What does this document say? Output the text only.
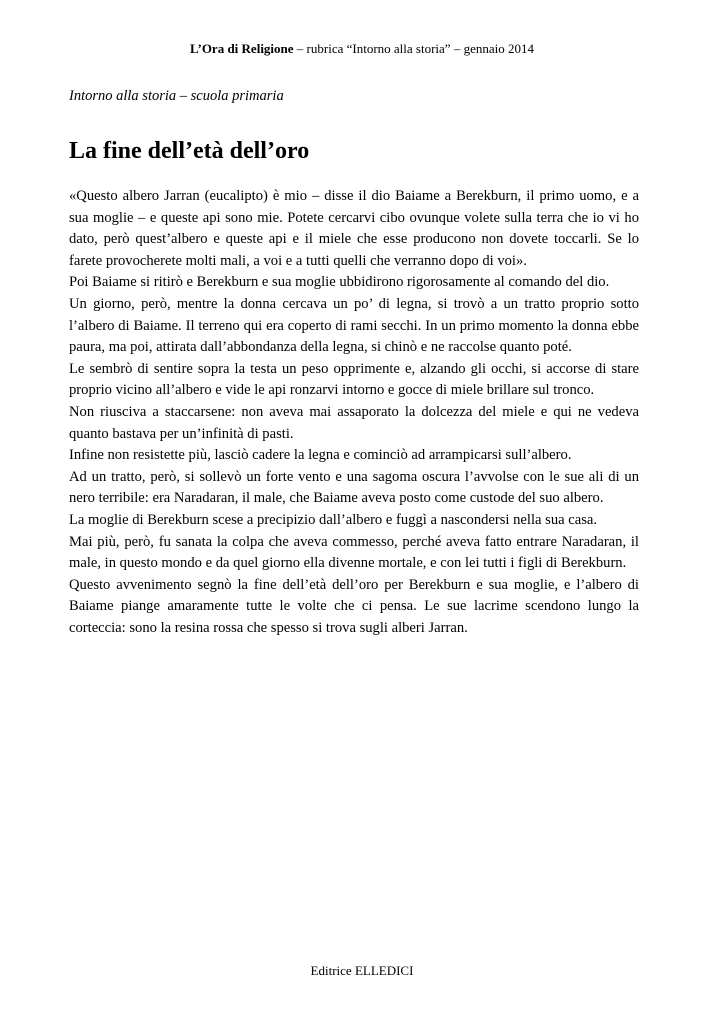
L’Ora di Religione – rubrica “Intorno alla storia” – gennaio 2014
Intorno alla storia – scuola primaria
La fine dell’età dell’oro

«Questo albero Jarran (eucalipto) è mio – disse il dio Baiame a Berekburn, il primo uomo, e a sua moglie – e queste api sono mie. Potete cercarvi cibo ovunque volete sulla terra che io vi ho dato, però quest’albero e queste api e il miele che esse producono non dovete toccarli. Se lo farete provocherete molti mali, a voi e a tutti quelli che verranno dopo di voi».

Poi Baiame si ritirò e Berekburn e sua moglie ubbidirono rigorosamente al comando del dio.

Un giorno, però, mentre la donna cercava un po’ di legna, si trovò a un tratto proprio sotto l’albero di Baiame. Il terreno qui era coperto di rami secchi. In un primo momento la donna ebbe paura, ma poi, attirata dall’abbondanza della legna, si chinò e ne raccolse quanto poté.

Le sembrò di sentire sopra la testa un peso opprimente e, alzando gli occhi, si accorse di stare proprio vicino all’albero e vide le api ronzarvi intorno e gocce di miele brillare sul tronco.

Non riusciva a staccarsene: non aveva mai assaporato la dolcezza del miele e qui ne vedeva quanto bastava per un’infinità di pasti.

Infine non resistette più, lasciò cadere la legna e cominciò ad arrampicarsi sull’albero.

Ad un tratto, però, si sollevò un forte vento e una sagoma oscura l’avvolse con le sue ali di un nero terribile: era Naradaran, il male, che Baiame aveva posto come custode del suo albero.

La moglie di Berekburn scese a precipizio dall’albero e fuggì a nascondersi nella sua casa.

Mai più, però, fu sanata la colpa che aveva commesso, perché aveva fatto entrare Naradaran, il male, in questo mondo e da quel giorno ella divenne mortale, e con lei tutti i figli di Berekburn.

Questo avvenimento segnò la fine dell’età dell’oro per Berekburn e sua moglie, e l’albero di Baiame piange amaramente tutte le volte che ci pensa. Le sue lacrime scendono lungo la corteccia: sono la resina rossa che spesso si trova sugli alberi Jarran.

Editrice ELLEDICI
